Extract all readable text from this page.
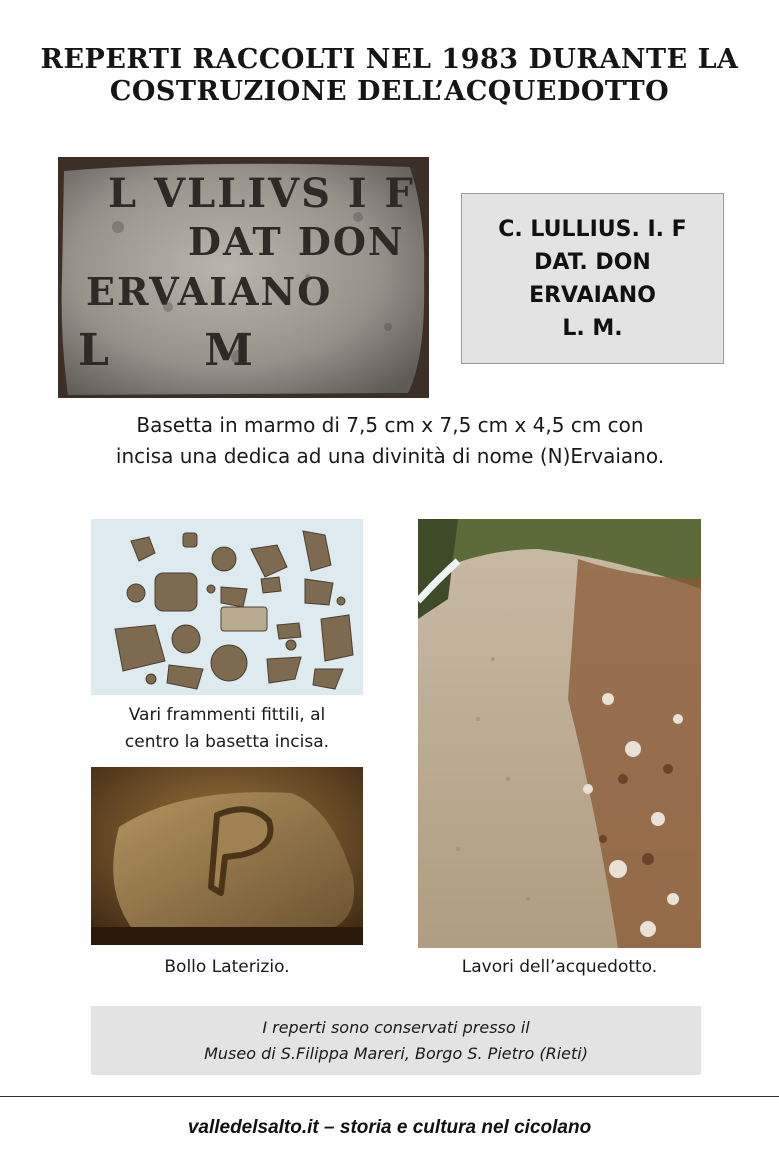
REPERTI RACCOLTI NEL 1983 DURANTE LA
COSTRUZIONE DELL’ACQUEDOTTO
L VLLIVS I F
DAT DON
ERVAIANO
L M
C. LULLIUS. I. F
DAT. DON
ERVAIANO
L. M.
Basetta in marmo di 7,5 cm x 7,5 cm x 4,5 cm con
incisa una dedica ad una divinità di nome (N)Ervaiano.
Vari frammenti fittili, al
centro la basetta incisa.
Bollo Laterizio.	Lavori dell’acquedotto.
I reperti sono conservati presso il
Museo di S.Filippa Mareri, Borgo S. Pietro (Rieti)
valledelsalto.it – storia e cultura nel cicolano
